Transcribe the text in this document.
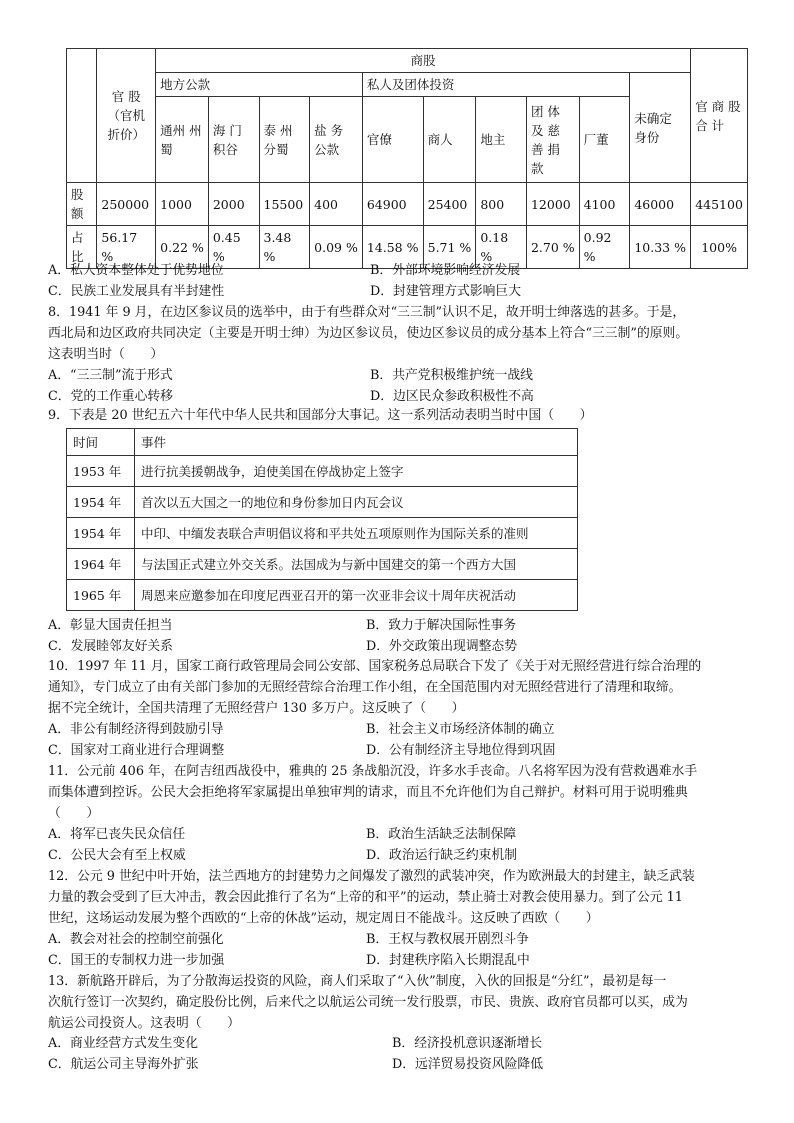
	官 股 （官机 折价）	商股										官 商 股 合 计
		地方公款				私人及团体投资					未确定 身份	
		通州 州蜀	海 门 积谷	泰 州 分蜀	盐 务 公款	官僚	商人	地主	团 体 及 慈 善 捐 款	厂董		
股 额	250000	1000	2000	15500	400	64900	25400	800	12000	4100	46000	445100
占 比	56.17 %	0.22 %	0.45 %	3.48 %	0.09 %	14.58 %	5.71 %	0.18 %	2.70 %	0.92 %	10.33 %	100%
A．私人资本整体处于优势地位	B．外部环境影响经济发展
C．民族工业发展具有半封建性	D．封建管理方式影响巨大
8．1941 年 9 月，在边区参议员的选举中，由于有些群众对“三三制”认识不足，故开明士绅落选的甚多。于是，
西北局和边区政府共同决定（主要是开明士绅）为边区参议员，使边区参议员的成分基本上符合“三三制”的原则。
这表明当时（　　）
A．“三三制”流于形式	B．共产党积极维护统一战线
C．党的工作重心转移	D．边区民众参政积极性不高
9．下表是 20 世纪五六十年代中华人民共和国部分大事记。这一系列活动表明当时中国（　　）
时间	事件
1953 年	进行抗美援朝战争，迫使美国在停战协定上签字
1954 年	首次以五大国之一的地位和身份参加日内瓦会议
1954 年	中印、中缅发表联合声明倡议将和平共处五项原则作为国际关系的准则
1964 年	与法国正式建立外交关系。法国成为与新中国建交的第一个西方大国
1965 年	周恩来应邀参加在印度尼西亚召开的第一次亚非会议十周年庆祝活动
A．彰显大国责任担当	B．致力于解决国际性事务
C．发展睦邻友好关系	D．外交政策出现调整态势
10．1997 年 11 月，国家工商行政管理局会同公安部、国家税务总局联合下发了《关于对无照经营进行综合治理的
通知》，专门成立了由有关部门参加的无照经营综合治理工作小组，在全国范围内对无照经营进行了清理和取缔。
据不完全统计，全国共清理了无照经营户 130 多万户。这反映了（　　）
A．非公有制经济得到鼓励引导	B．社会主义市场经济体制的确立
C．国家对工商业进行合理调整	D．公有制经济主导地位得到巩固
11．公元前 406 年，在阿吉纽西战役中，雅典的 25 条战船沉没，许多水手丧命。八名将军因为没有营救遇难水手
而集体遭到控诉。公民大会拒绝将军家属提出单独审判的请求，而且不允许他们为自己辩护。材料可用于说明雅典
（　　）
A．将军已丧失民众信任	B．政治生活缺乏法制保障
C．公民大会有至上权威	D．政治运行缺乏约束机制
12．公元 9 世纪中叶开始，法兰西地方的封建势力之间爆发了激烈的武装冲突，作为欧洲最大的封建主，缺乏武装
力量的教会受到了巨大冲击，教会因此推行了名为“上帝的和平”的运动，禁止骑士对教会使用暴力。到了公元 11
世纪，这场运动发展为整个西欧的“上帝的休战”运动，规定周日不能战斗。这反映了西欧（　　）
A．教会对社会的控制空前强化	B．王权与教权展开剧烈斗争
C．国王的专制权力进一步加强	D．封建秩序陷入长期混乱中
13．新航路开辟后，为了分散海运投资的风险，商人们采取了“入伙”制度，入伙的回报是“分红”，最初是每一
次航行签订一次契约，确定股份比例，后来代之以航运公司统一发行股票，市民、贵族、政府官员都可以买，成为
航运公司投资人。这表明（　　）
A．商业经营方式发生变化	B．经济投机意识逐渐增长
C．航运公司主导海外扩张	D．远洋贸易投资风险降低
